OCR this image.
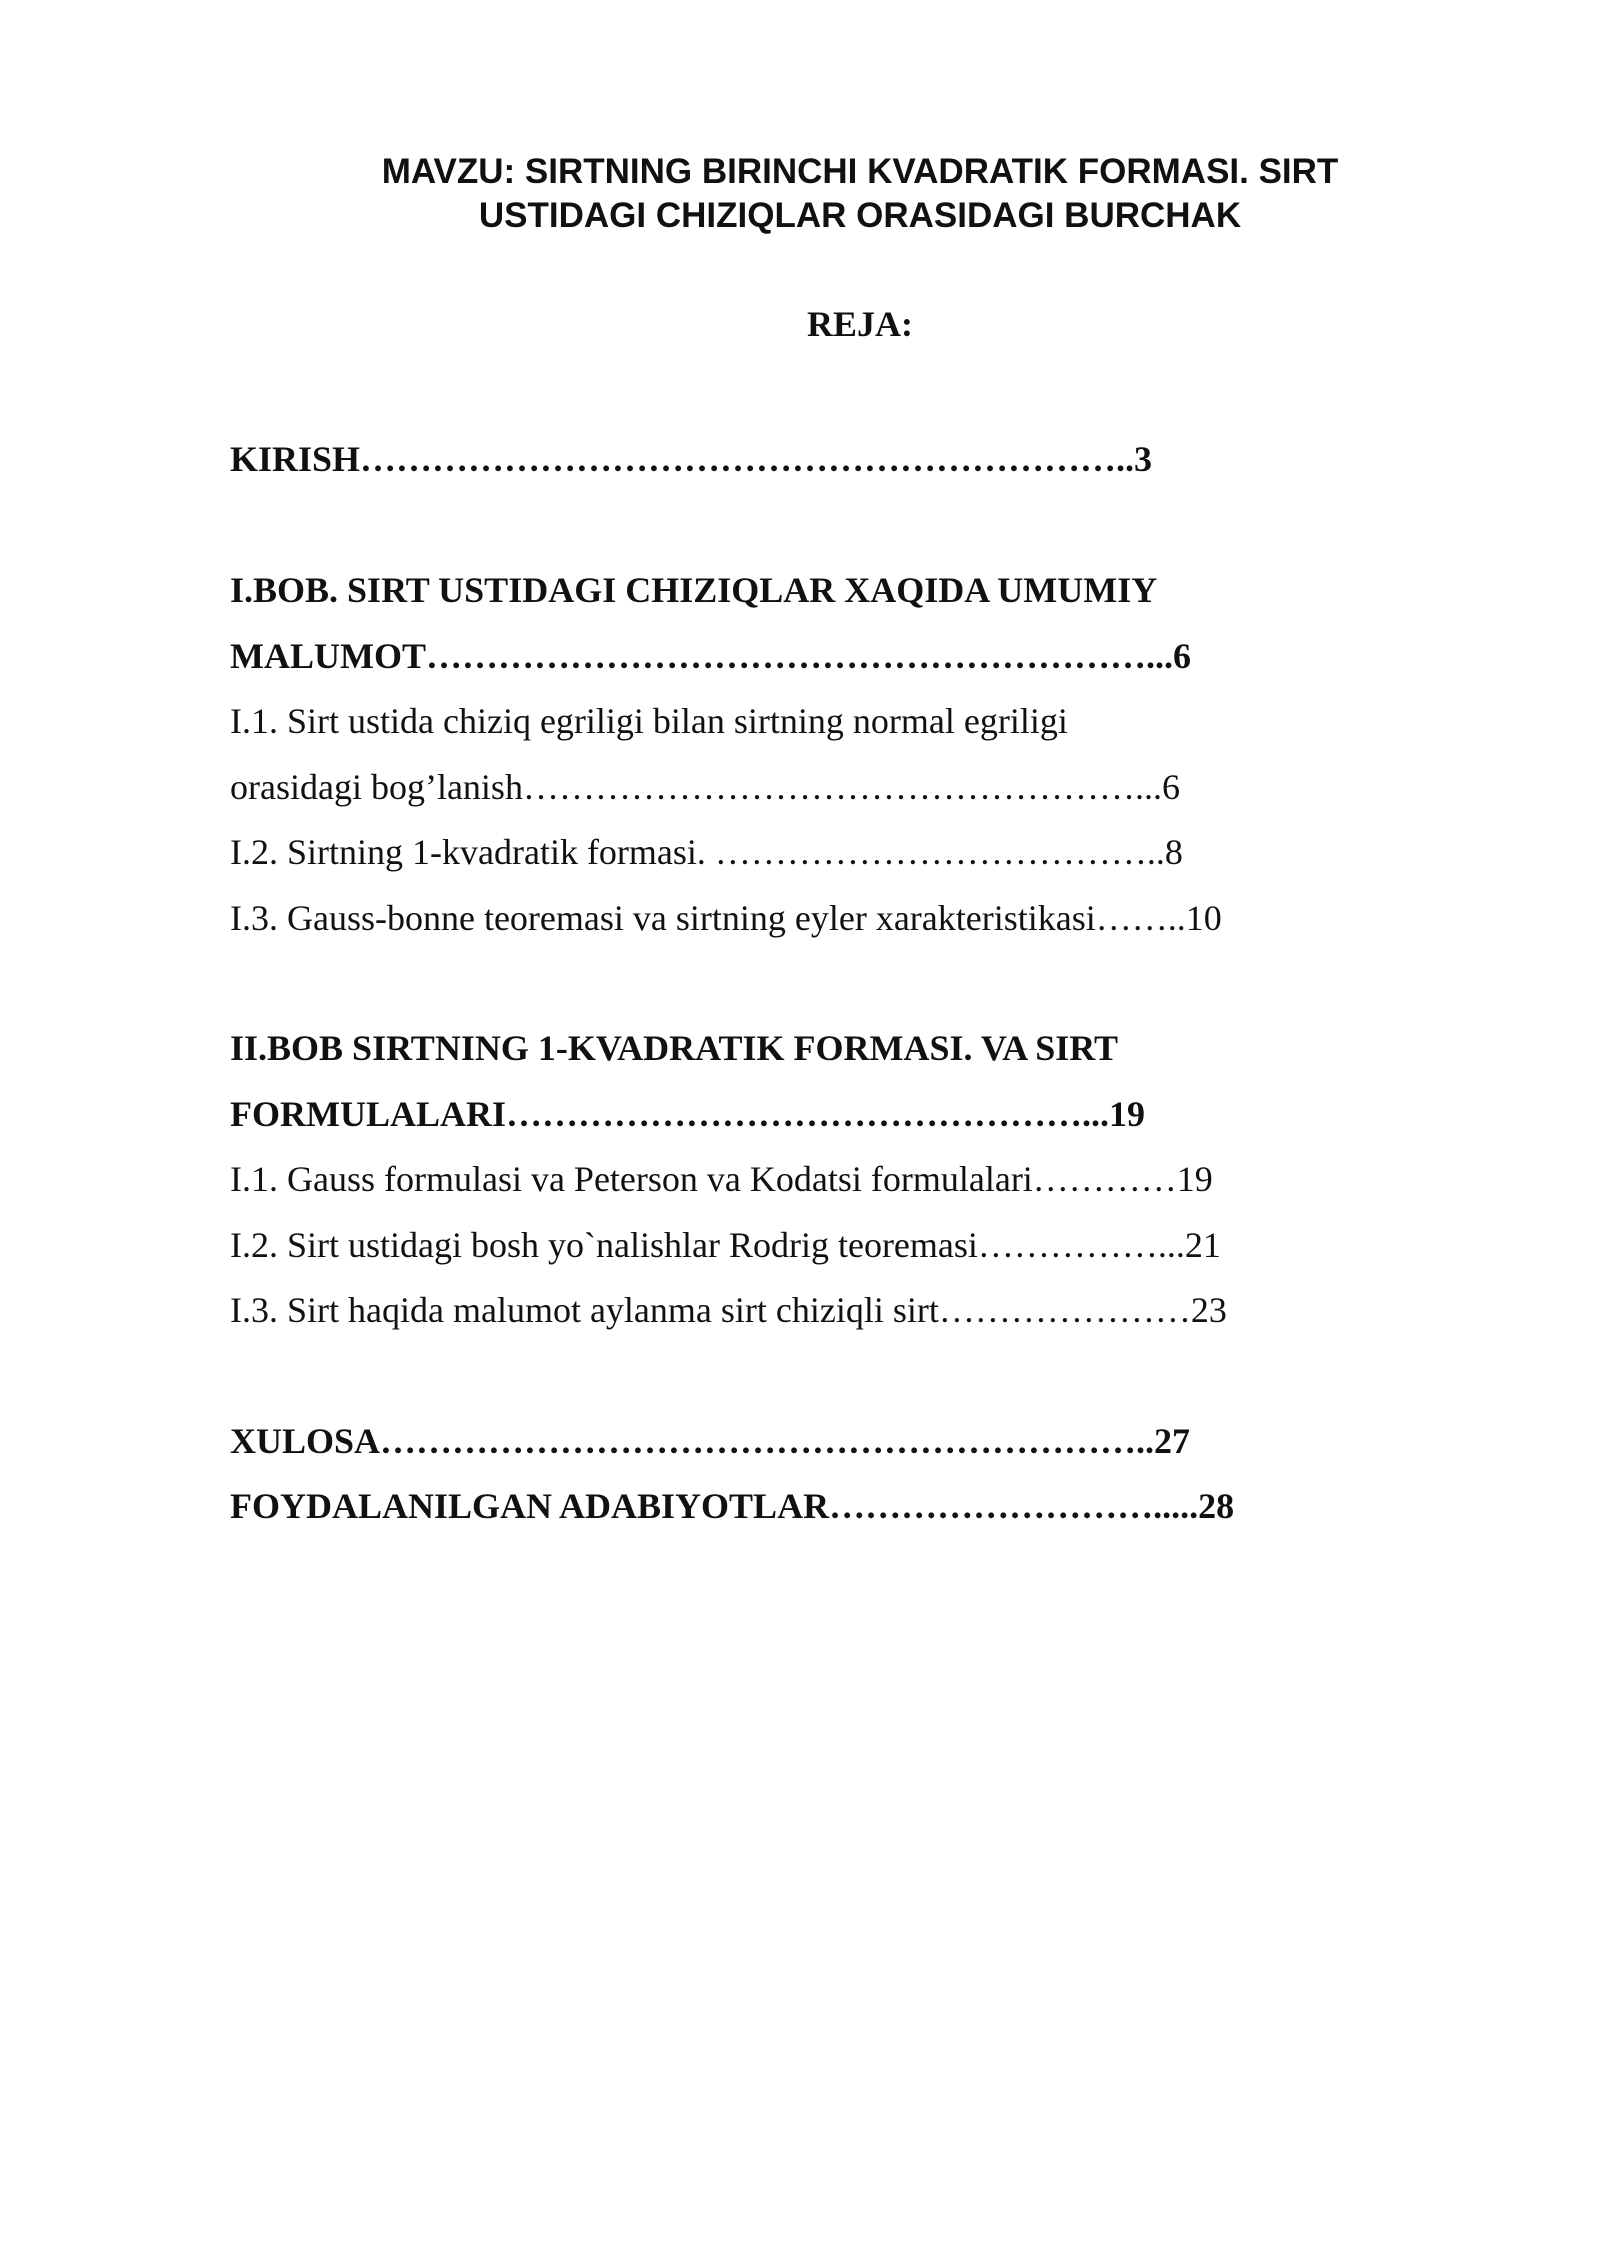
MAVZU: SIRTNING BIRINCHI KVADRATIK FORMASI. SIRT
USTIDAGI CHIZIQLAR ORASIDAGI BURCHAK
REJA:
KIRISH………………………………………………………..3
I.BOB. SIRT USTIDAGI CHIZIQLAR XAQIDA UMUMIY
MALUMOT……………………………………………………...6
I.1. Sirt ustida chiziq egriligi bilan sirtning normal egriligi
orasidagi bog’lanish……………………………………………...6
I.2. Sirtning 1-kvadratik formasi. ………………………………..8
I.3. Gauss-bonne teoremasi va sirtning eyler xarakteristikasi……..10
II.BOB SIRTNING 1-KVADRATIK FORMASI. VA SIRT
FORMULALARI…………………………………………...19
I.1. Gauss formulasi va Peterson va Kodatsi formulalari…………19
I.2. Sirt ustidagi bosh yo`nalishlar Rodrig teoremasi……………...21
I.3. Sirt haqida malumot aylanma sirt chiziqli sirt…………………23
XULOSA………………………………………………………..27
FOYDALANILGAN ADABIYOTLAR……………………….....28
